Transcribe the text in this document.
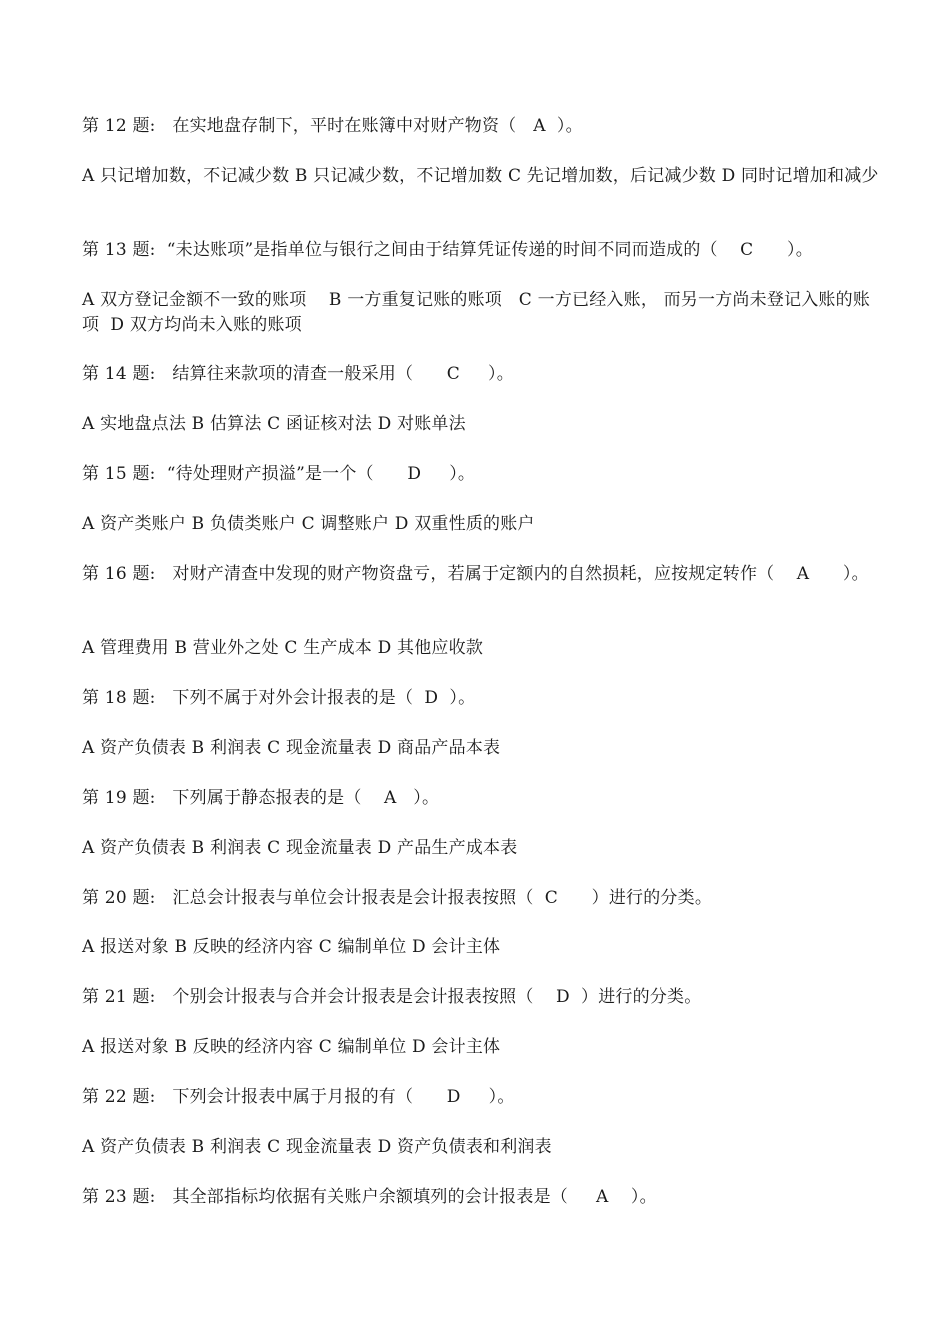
第 12 题:   在实地盘存制下，平时在账簿中对财产物资（   A  ）。
A 只记增加数，不记减少数 B 只记减少数，不记增加数 C 先记增加数，后记减少数 D 同时记增加和减少
第 13 题:  “未达账项”是指单位与银行之间由于结算凭证传递的时间不同而造成的（    C      ）。
A 双方登记金额不一致的账项    B 一方重复记账的账项   C 一方已经入账， 而另一方尚未登记入账的账项  D 双方均尚未入账的账项
第 14 题:   结算往来款项的清查一般采用（      C     ）。
A 实地盘点法 B 估算法 C 函证核对法 D 对账单法
第 15 题:  “待处理财产损溢”是一个（      D     ）。
A 资产类账户 B 负债类账户 C 调整账户 D 双重性质的账户
第 16 题:   对财产清查中发现的财产物资盘亏，若属于定额内的自然损耗，应按规定转作（    A      ）。
A 管理费用 B 营业外之处 C 生产成本 D 其他应收款
第 18 题:   下列不属于对外会计报表的是（  D  ）。
A 资产负债表 B 利润表 C 现金流量表 D 商品产品本表
第 19 题:   下列属于静态报表的是（    A   ）。
A 资产负债表 B 利润表 C 现金流量表 D 产品生产成本表
第 20 题:   汇总会计报表与单位会计报表是会计报表按照（  C      ）进行的分类。
A 报送对象 B 反映的经济内容 C 编制单位 D 会计主体
第 21 题:   个别会计报表与合并会计报表是会计报表按照（    D  ）进行的分类。
A 报送对象 B 反映的经济内容 C 编制单位 D 会计主体
第 22 题:   下列会计报表中属于月报的有（      D     ）。
A 资产负债表 B 利润表 C 现金流量表 D 资产负债表和利润表
第 23 题:   其全部指标均依据有关账户余额填列的会计报表是（     A    ）。
